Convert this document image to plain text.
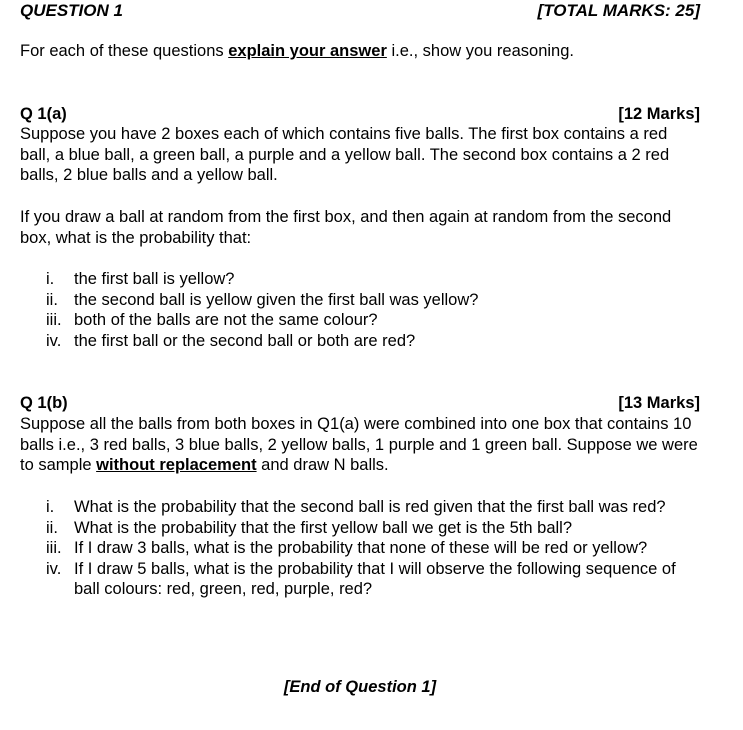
QUESTION 1	[TOTAL MARKS: 25]

For each of these questions explain your answer i.e., show you reasoning.

Q 1(a)	[12 Marks]

Suppose you have 2 boxes each of which contains five balls. The first box contains a red ball, a blue ball, a green ball, a purple and a yellow ball. The second box contains a 2 red balls, 2 blue balls and a yellow ball.

If you draw a ball at random from the first box, and then again at random from the second box, what is the probability that:

i.	the first ball is yellow?
ii. the second ball is yellow given the first ball was yellow?
iii. both of the balls are not the same colour?
iv. the first ball or the second ball or both are red?
Q 1(b)	[13 Marks]

Suppose all the balls from both boxes in Q1(a) were combined into one box that contains 10 balls i.e., 3 red balls, 3 blue balls, 2 yellow balls, 1 purple and 1 green ball. Suppose we were to sample without replacement and draw N balls.

i.	What is the probability that the second ball is red given that the first ball was red?
ii. What is the probability that the first yellow ball we get is the 5th ball?
iii. If I draw 3 balls, what is the probability that none of these will be red or yellow?
iv. If I draw 5 balls, what is the probability that I will observe the following sequence of ball colours: red, green, red, purple, red?
[End of Question 1]
